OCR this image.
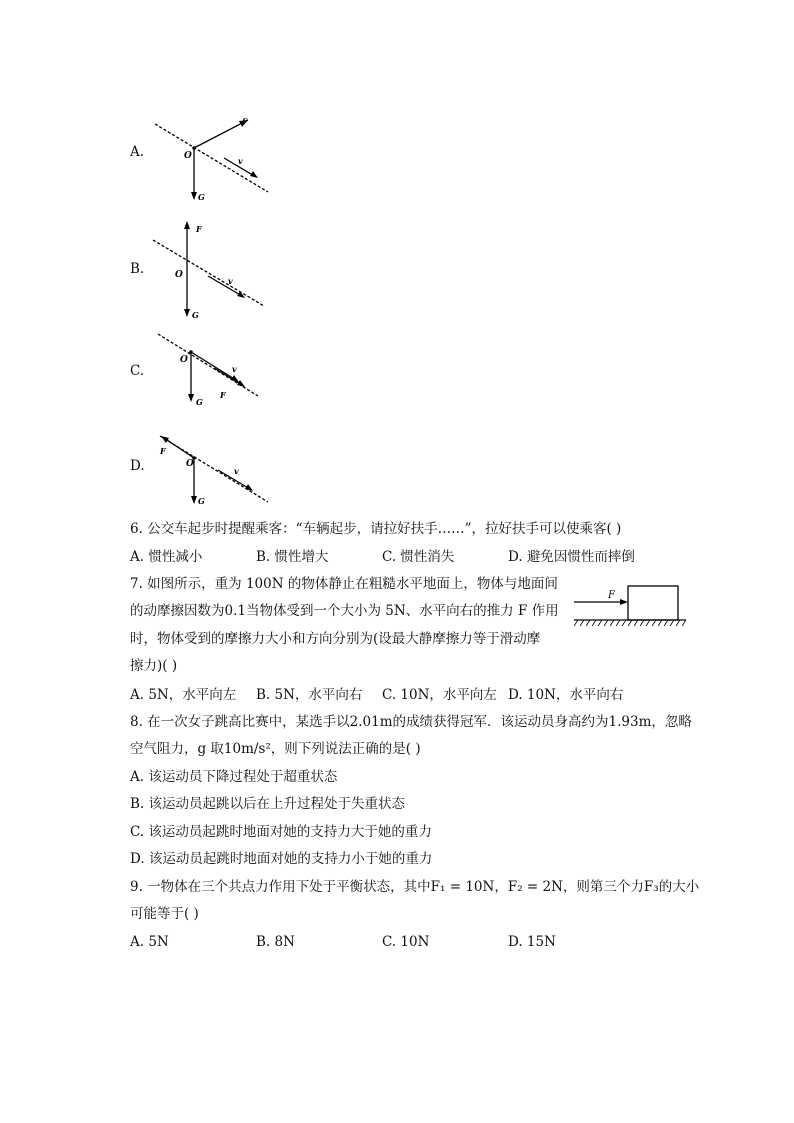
A.	O
F
G
v
B.
F
O
G
v
C.
O
G
F
v
D.
F
O
G
v
6. 公交车起步时提醒乘客：“车辆起步，请拉好扶手……”，拉好扶手可以使乘客( )
A. 惯性减小	B. 惯性增大	C. 惯性消失	D. 避免因惯性而摔倒
7. 如图所示，重为 100N 的物体静止在粗糙水平地面上，物体与地面间
的动摩擦因数为0.1当物体受到一个大小为 5N、水平向右的推力 F 作用
时，物体受到的摩擦力大小和方向分别为(设最大静摩擦力等于滑动摩
擦力)( )
F
A. 5N，水平向左 B. 5N，水平向右 C. 10N，水平向左 D. 10N，水平向右
8. 在一次女子跳高比赛中，某选手以2.01m的成绩获得冠军．该运动员身高约为1.93m，忽略
空气阻力，g 取10m/s²，则下列说法正确的是( )
A. 该运动员下降过程处于超重状态
B. 该运动员起跳以后在上升过程处于失重状态
C. 该运动员起跳时地面对她的支持力大于她的重力
D. 该运动员起跳时地面对她的支持力小于她的重力
9. 一物体在三个共点力作用下处于平衡状态，其中F₁ = 10N，F₂ = 2N，则第三个力F₃的大小
可能等于( )
A. 5N	B. 8N	C. 10N	D. 15N
